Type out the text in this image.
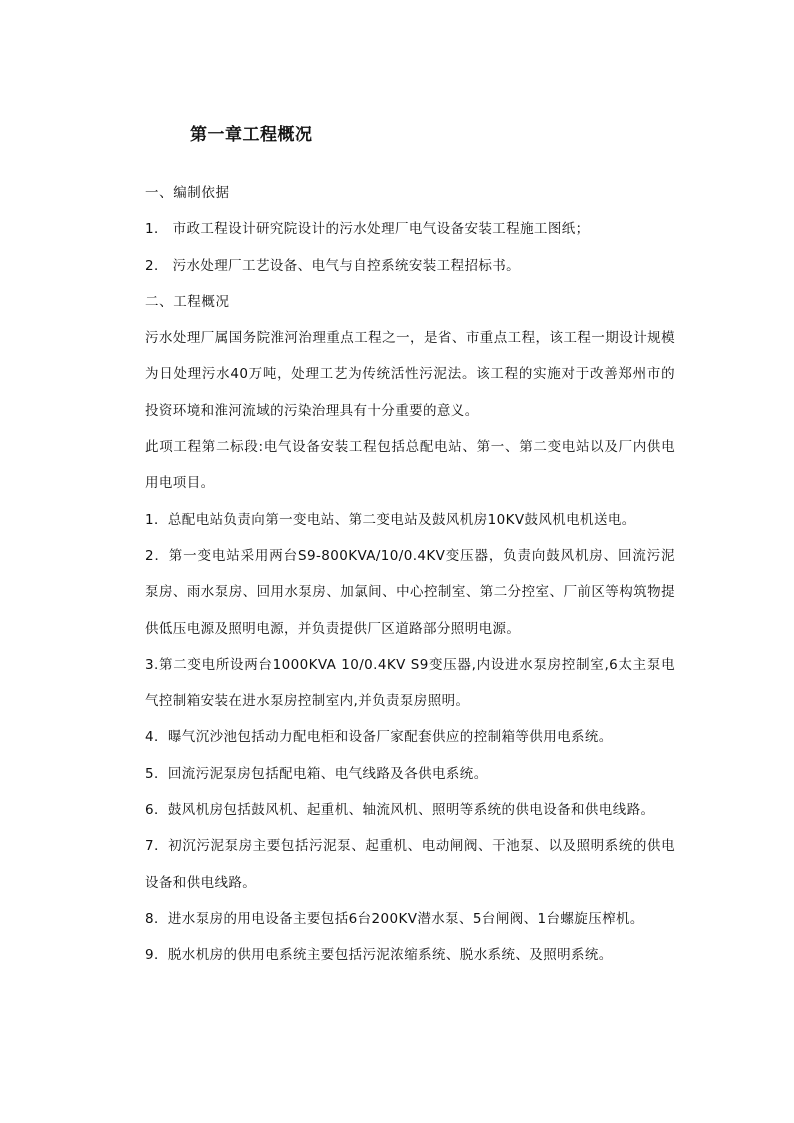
第一章工程概况

一、编制依据

1． 市政工程设计研究院设计的污水处理厂电气设备安装工程施工图纸；

2． 污水处理厂工艺设备、电气与自控系统安装工程招标书。

二、工程概况

污水处理厂属国务院淮河治理重点工程之一，是省、市重点工程，该工程一期设计规模为日处理污水40万吨，处理工艺为传统活性污泥法。该工程的实施对于改善郑州市的投资环境和淮河流域的污染治理具有十分重要的意义。

此项工程第二标段:电气设备安装工程包括总配电站、第一、第二变电站以及厂内供电用电项目。

1．总配电站负责向第一变电站、第二变电站及鼓风机房10KV鼓风机电机送电。

2．第一变电站采用两台S9-800KVA/10/0.4KV变压器，负责向鼓风机房、回流污泥泵房、雨水泵房、回用水泵房、加氯间、中心控制室、第二分控室、厂前区等构筑物提供低压电源及照明电源，并负责提供厂区道路部分照明电源。

3.第二变电所设两台1000KVA 10/0.4KV S9变压器,内设进水泵房控制室,6太主泵电气控制箱安装在进水泵房控制室内,并负责泵房照明。

4．曝气沉沙池包括动力配电柜和设备厂家配套供应的控制箱等供用电系统。

5．回流污泥泵房包括配电箱、电气线路及各供电系统。

6．鼓风机房包括鼓风机、起重机、轴流风机、照明等系统的供电设备和供电线路。

7．初沉污泥泵房主要包括污泥泵、起重机、电动闸阀、干池泵、以及照明系统的供电设备和供电线路。

8．进水泵房的用电设备主要包括6台200KV潜水泵、5台闸阀、1台螺旋压榨机。

9．脱水机房的供用电系统主要包括污泥浓缩系统、脱水系统、及照明系统。
